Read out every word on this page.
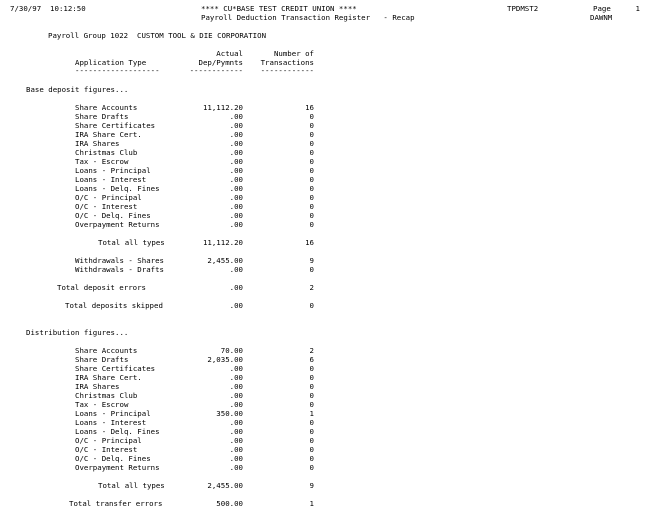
7/30/97  10:12:50	**** CU*BASE TEST CREDIT UNION ****
Payroll Deduction Transaction Register   - Recap
TPDMST2	Page	1
DAWNM
Payroll Group 1022  CUSTOM TOOL & DIE CORPORATION
Actual	Number of
Application Type	Dep/Pymnts	Transactions
-------------------	------------	------------
Base deposit figures...
Share Accounts	11,112.20	16
Share Drafts	.00	0
Share Certificates	.00	0
IRA Share Cert.	.00	0
IRA Shares	.00	0
Christmas Club	.00	0
Tax - Escrow	.00	0
Loans - Principal	.00	0
Loans - Interest	.00	0
Loans - Delq. Fines	.00	0
O/C - Principal	.00	0
O/C - Interest	.00	0
O/C - Delq. Fines	.00	0
Overpayment Returns	.00	0
Total all types	11,112.20	16
Withdrawals - Shares	2,455.00	9
Withdrawals - Drafts	.00	0
Total deposit errors	.00	2
Total deposits skipped	.00	0
Distribution figures...
Share Accounts	70.00	2
Share Drafts	2,035.00	6
Share Certificates	.00	0
IRA Share Cert.	.00	0
IRA Shares	.00	0
Christmas Club	.00	0
Tax - Escrow	.00	0
Loans - Principal	350.00	1
Loans - Interest	.00	0
Loans - Delq. Fines	.00	0
O/C - Principal	.00	0
O/C - Interest	.00	0
O/C - Delq. Fines	.00	0
Overpayment Returns	.00	0
Total all types	2,455.00	9
Total transfer errors	500.00	1
